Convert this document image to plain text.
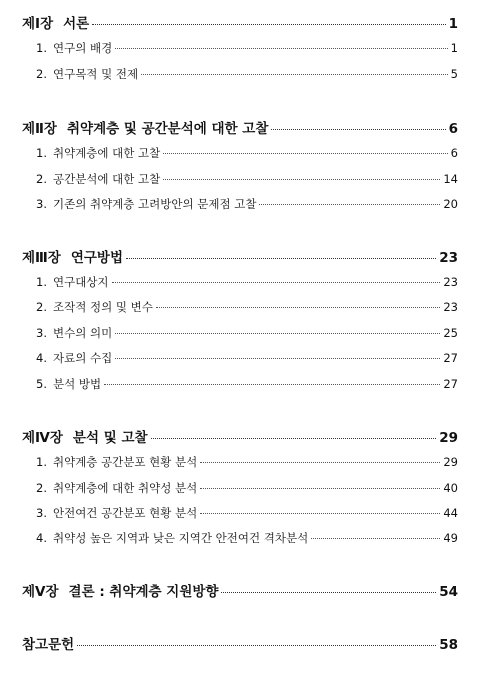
제Ⅰ장 서론	1
1. 연구의 배경	1
2. 연구목적 및 전제	5
제Ⅱ장 취약계층 및 공간분석에 대한 고찰	6
1. 취약계층에 대한 고찰	6
2. 공간분석에 대한 고찰	14
3. 기존의 취약계층 고려방안의 문제점 고찰	20
제Ⅲ장 연구방법	23
1. 연구대상지	23
2. 조작적 정의 및 변수	23
3. 변수의 의미	25
4. 자료의 수집	27
5. 분석 방법	27
제Ⅳ장 분석 및 고찰	29
1. 취약계층 공간분포 현황 분석	29
2. 취약계층에 대한 취약성 분석	40
3. 안전여건 공간분포 현황 분석	44
4. 취약성 높은 지역과 낮은 지역간 안전여건 격차분석	49
제Ⅴ장 결론 : 취약계층 지원방향	54
참고문헌	58
